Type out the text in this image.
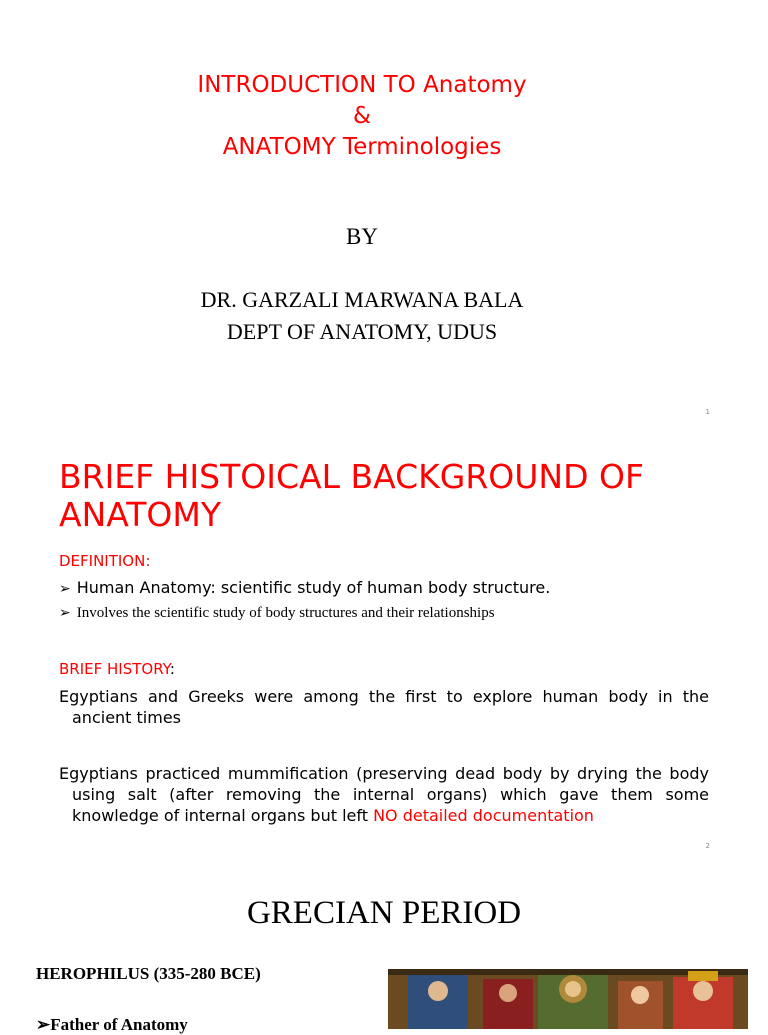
INTRODUCTION TO Anatomy
&
ANATOMY Terminologies
BY
DR. GARZALI MARWANA BALA
DEPT OF ANATOMY, UDUS
1
BRIEF HISTOICAL BACKGROUND OF ANATOMY
DEFINITION:
➢ Human Anatomy: scientific study of human body structure.
➢ Involves the scientific study of body structures and their relationships
BRIEF HISTORY:
Egyptians and Greeks were among the first to explore human body in the ancient times
Egyptians practiced mummification (preserving dead body by drying the body using salt (after removing the internal organs) which gave them some knowledge of internal organs but left NO detailed documentation
2
GRECIAN PERIOD
HEROPHILUS (335-280 BCE)
➢Father of Anatomy
